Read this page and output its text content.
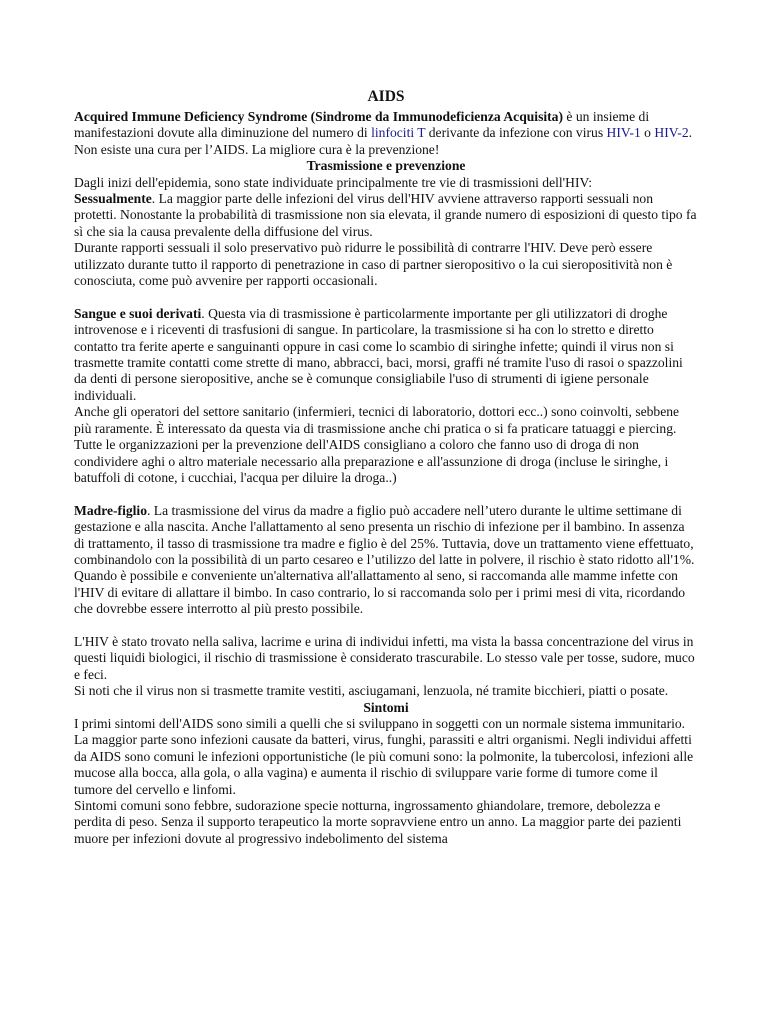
AIDS

Acquired Immune Deficiency Syndrome (Sindrome da Immunodeficienza Acquisita) è un insieme di manifestazioni dovute alla diminuzione del numero di linfociti T derivante da infezione con virus HIV-1 o HIV-2.

Non esiste una cura per l’AIDS. La migliore cura è la prevenzione!

Trasmissione e prevenzione

Dagli inizi dell'epidemia, sono state individuate principalmente tre vie di trasmissioni dell'HIV:

Sessualmente. La maggior parte delle infezioni del virus dell'HIV avviene attraverso rapporti sessuali non protetti. Nonostante la probabilità di trasmissione non sia elevata, il grande numero di esposizioni di questo tipo fa sì che sia la causa prevalente della diffusione del virus.

Durante rapporti sessuali il solo preservativo può ridurre le possibilità di contrarre l'HIV. Deve però essere utilizzato durante tutto il rapporto di penetrazione in caso di partner sieropositivo o la cui sieropositività non è conosciuta, come può avvenire per rapporti occasionali.

Sangue e suoi derivati. Questa via di trasmissione è particolarmente importante per gli utilizzatori di droghe introvenose e i riceventi di trasfusioni di sangue. In particolare, la trasmissione si ha con lo stretto e diretto contatto tra ferite aperte e sanguinanti oppure in casi come lo scambio di siringhe infette; quindi il virus non si trasmette tramite contatti come strette di mano, abbracci, baci, morsi, graffi né tramite l'uso di rasoi o spazzolini da denti di persone sieropositive, anche se è comunque consigliabile l'uso di strumenti di igiene personale individuali.

Anche gli operatori del settore sanitario (infermieri, tecnici di laboratorio, dottori ecc..) sono coinvolti, sebbene più raramente. È interessato da questa via di trasmissione anche chi pratica o si fa praticare tatuaggi e piercing.

Tutte le organizzazioni per la prevenzione dell'AIDS consigliano a coloro che fanno uso di droga di non condividere aghi o altro materiale necessario alla preparazione e all'assunzione di droga (incluse le siringhe, i batuffoli di cotone, i cucchiai, l'acqua per diluire la droga..)

Madre-figlio. La trasmissione del virus da madre a figlio può accadere nell’utero durante le ultime settimane di gestazione e alla nascita. Anche l'allattamento al seno presenta un rischio di infezione per il bambino. In assenza di trattamento, il tasso di trasmissione tra madre e figlio è del 25%. Tuttavia, dove un trattamento viene effettuato, combinandolo con la possibilità di un parto cesareo e l’utilizzo del latte in polvere, il rischio è stato ridotto all'1%.

Quando è possibile e conveniente un'alternativa all'allattamento al seno, si raccomanda alle mamme infette con l'HIV di evitare di allattare il bimbo. In caso contrario, lo si raccomanda solo per i primi mesi di vita, ricordando che dovrebbe essere interrotto al più presto possibile.

L'HIV è stato trovato nella saliva, lacrime e urina di individui infetti, ma vista la bassa concentrazione del virus in questi liquidi biologici, il rischio di trasmissione è considerato trascurabile. Lo stesso vale per tosse, sudore, muco e feci.

Si noti che il virus non si trasmette tramite vestiti, asciugamani, lenzuola, né tramite bicchieri, piatti o posate.

Sintomi

I primi sintomi dell'AIDS sono simili a quelli che si sviluppano in soggetti con un normale sistema immunitario. La maggior parte sono infezioni causate da batteri, virus, funghi, parassiti e altri organismi. Negli individui affetti da AIDS sono comuni le infezioni opportunistiche (le più comuni sono: la polmonite, la tubercolosi, infezioni alle mucose alla bocca, alla gola, o alla vagina) e aumenta il rischio di sviluppare varie forme di tumore come il tumore del cervello e linfomi.

Sintomi comuni sono febbre, sudorazione specie notturna, ingrossamento ghiandolare, tremore, debolezza e perdita di peso. Senza il supporto terapeutico la morte sopravviene entro un anno. La maggior parte dei pazienti muore per infezioni dovute al progressivo indebolimento del sistema
